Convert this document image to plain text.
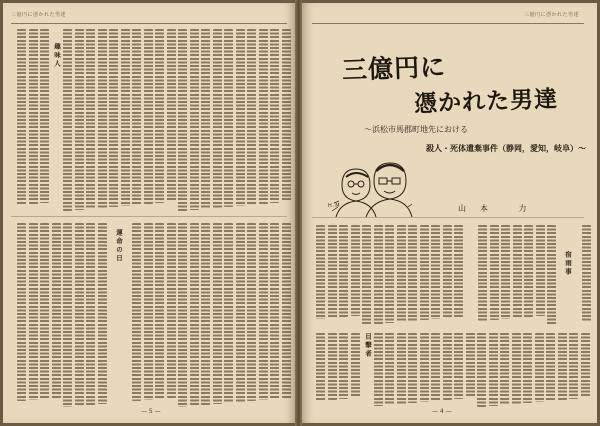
三億円に憑かれた男達
趣味人
運命の日
— 5 —
三億円に憑かれた男達
三億円に
憑かれた男達
〜浜松市馬郡町地先における
殺人・死体遺棄事件（静岡，愛知，岐阜）〜
H.M	山本 力
宿雨事
目撃者
— 4 —
